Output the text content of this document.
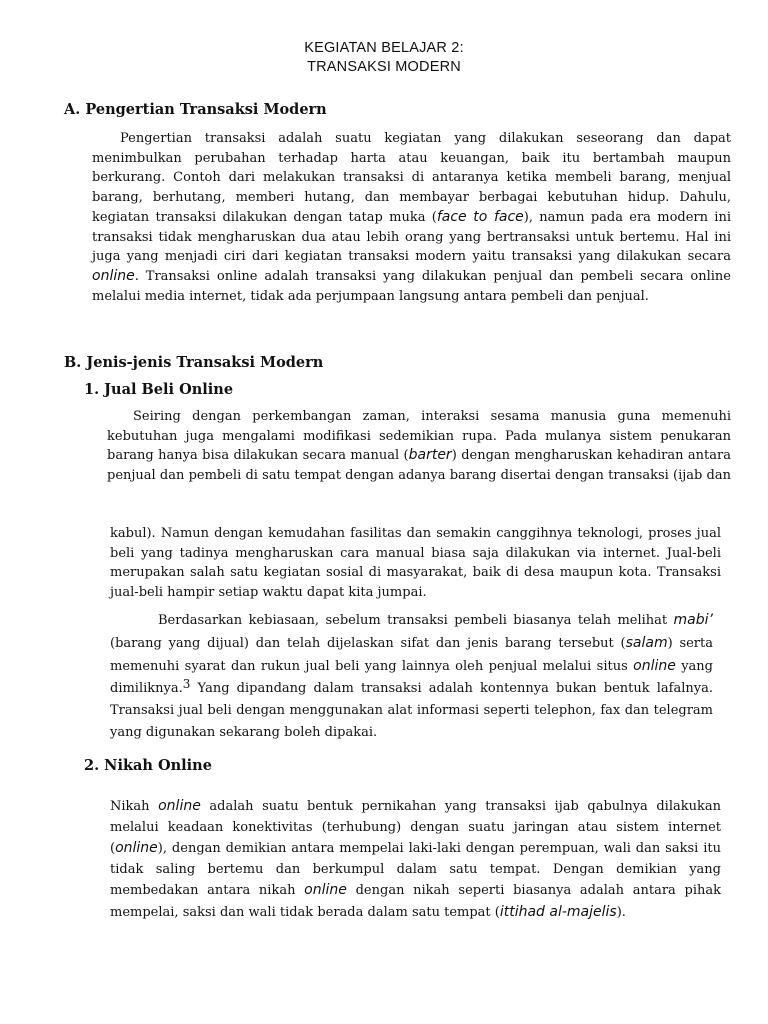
KEGIATAN BELAJAR 2:
TRANSAKSI MODERN
A. Pengertian Transaksi Modern

Pengertian transaksi adalah suatu kegiatan yang dilakukan seseorang dan dapat menimbulkan perubahan terhadap harta atau keuangan, baik itu bertambah maupun berkurang. Contoh dari melakukan transaksi di antaranya ketika membeli barang, menjual barang, berhutang, memberi hutang, dan membayar berbagai kebutuhan hidup. Dahulu, kegiatan transaksi dilakukan dengan tatap muka (face to face), namun pada era modern ini transaksi tidak mengharuskan dua atau lebih orang yang bertransaksi untuk bertemu. Hal ini juga yang menjadi ciri dari kegiatan transaksi modern yaitu transaksi yang dilakukan secara online. Transaksi online adalah transaksi yang dilakukan penjual dan pembeli secara online melalui media internet, tidak ada perjumpaan langsung antara pembeli dan penjual.

B. Jenis-jenis Transaksi Modern
1. Jual Beli Online

Seiring dengan perkembangan zaman, interaksi sesama manusia guna memenuhi kebutuhan juga mengalami modifikasi sedemikian rupa. Pada mulanya sistem penukaran barang hanya bisa dilakukan secara manual (barter) dengan mengharuskan kehadiran antara penjual dan pembeli di satu tempat dengan adanya barang disertai dengan transaksi (ijab dan

kabul). Namun dengan kemudahan fasilitas dan semakin canggihnya teknologi, proses jual beli yang tadinya mengharuskan cara manual biasa saja dilakukan via internet. Jual-beli merupakan salah satu kegiatan sosial di masyarakat, baik di desa maupun kota. Transaksi jual-beli hampir setiap waktu dapat kita jumpai.

Berdasarkan kebiasaan, sebelum transaksi pembeli biasanya telah melihat mabi’ (barang yang dijual) dan telah dijelaskan sifat dan jenis barang tersebut (salam) serta memenuhi syarat dan rukun jual beli yang lainnya oleh penjual melalui situs online yang dimiliknya.$^3$ Yang dipandang dalam transaksi adalah kontennya bukan bentuk lafalnya. Transaksi jual beli dengan menggunakan alat informasi seperti telephon, fax dan telegram yang digunakan sekarang boleh dipakai.

2. Nikah Online

Nikah online adalah suatu bentuk pernikahan yang transaksi ijab qabulnya dilakukan melalui keadaan konektivitas (terhubung) dengan suatu jaringan atau sistem internet (online), dengan demikian antara mempelai laki-laki dengan perempuan, wali dan saksi itu tidak saling bertemu dan berkumpul dalam satu tempat. Dengan demikian yang membedakan antara nikah online dengan nikah seperti biasanya adalah antara pihak mempelai, saksi dan wali tidak berada dalam satu tempat (ittihad al-majelis).
